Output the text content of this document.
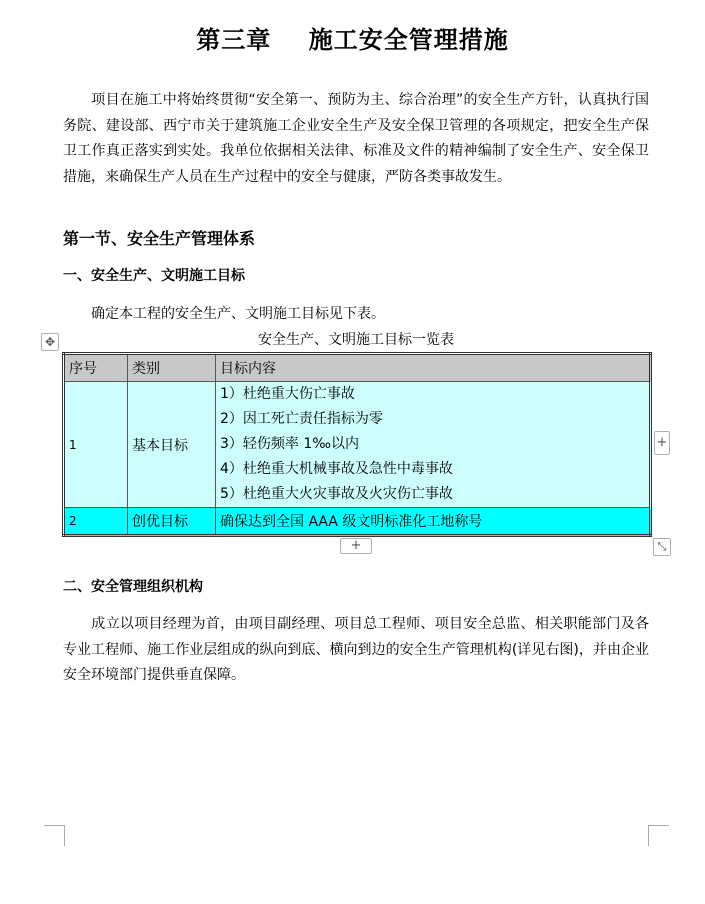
第三章    施工安全管理措施
项目在施工中将始终贯彻“安全第一、预防为主、综合治理”的安全生产方针，认真执行国务院、建设部、西宁市关于建筑施工企业安全生产及安全保卫管理的各项规定，把安全生产保卫工作真正落实到实处。我单位依据相关法律、标准及文件的精神编制了安全生产、安全保卫措施，来确保生产人员在生产过程中的安全与健康，严防各类事故发生。
第一节、安全生产管理体系
一、安全生产、文明施工目标
确定本工程的安全生产、文明施工目标见下表。
安全生产、文明施工目标一览表
✥
序号	类别	目标内容
1	基本目标	1）杜绝重大伤亡事故
2）因工死亡责任指标为零
3）轻伤频率 1‰以内
4）杜绝重大机械事故及急性中毒事故
5）杜绝重大火灾事故及火灾伤亡事故

2	创优目标	确保达到全国 AAA 级文明标准化工地称号
+
+	⤡
二、安全管理组织机构
成立以项目经理为首，由项目副经理、项目总工程师、项目安全总监、相关职能部门及各专业工程师、施工作业层组成的纵向到底、横向到边的安全生产管理机构(详见右图)，并由企业安全环境部门提供垂直保障。
